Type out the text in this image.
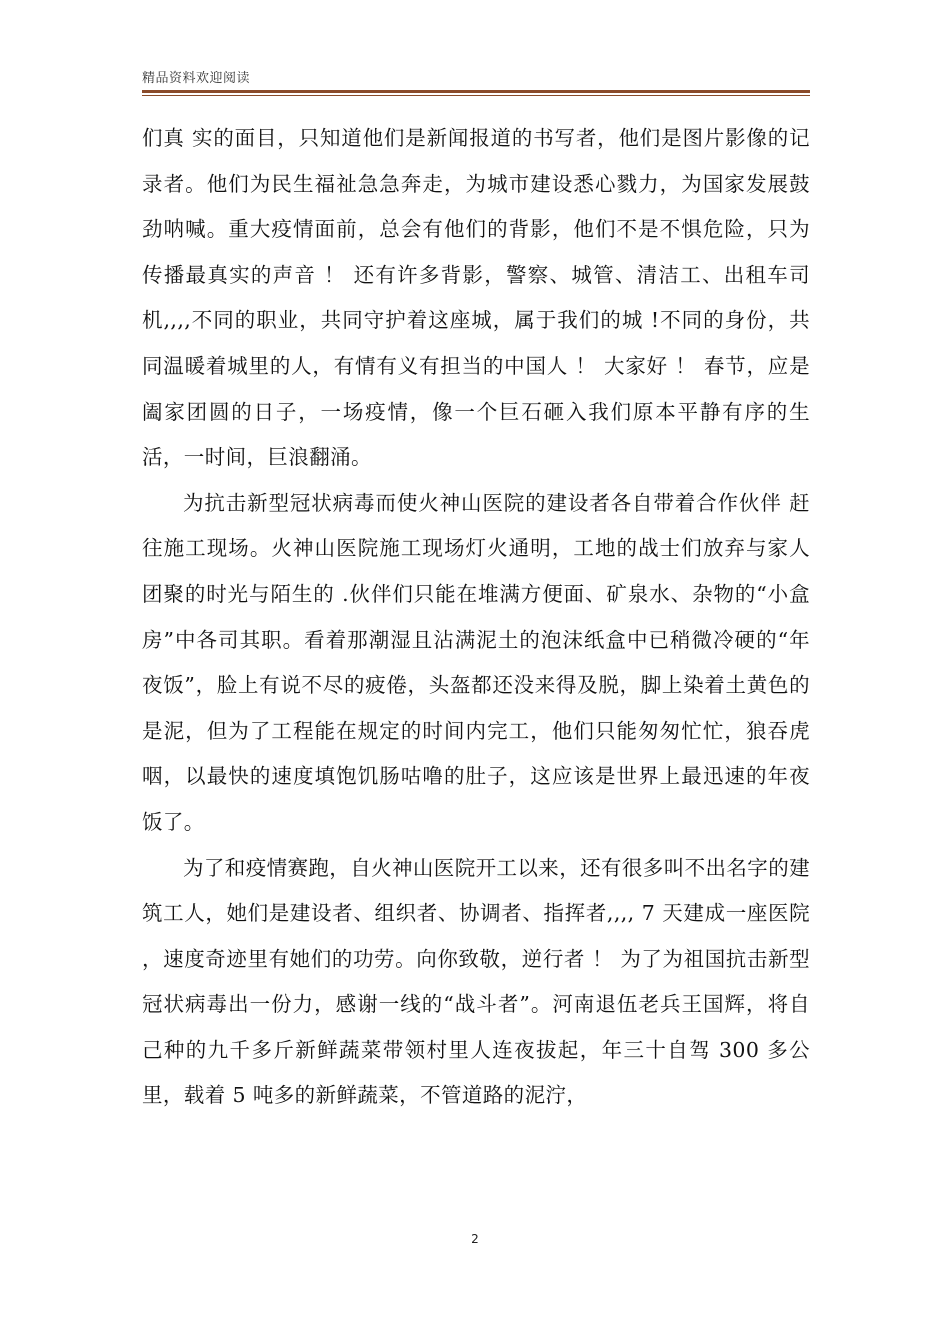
精品资料欢迎阅读

们真 实的面目，只知道他们是新闻报道的书写者，他们是图片影像的记录者。他们为民生福祉急急奔走，为城市建设悉心戮力，为国家发展鼓劲呐喊。重大疫情面前，总会有他们的背影，他们不是不惧危险，只为传播最真实的声音 ！ 还有许多背影，警察、城管、清洁工、出租车司机,,,,不同的职业，共同守护着这座城，属于我们的城 !不同的身份，共同温暖着城里的人，有情有义有担当的中国人 ！ 大家好 ！ 春节，应是阖家团圆的日子，一场疫情，像一个巨石砸入我们原本平静有序的生活，一时间，巨浪翻涌。

为抗击新型冠状病毒而使火神山医院的建设者各自带着合作伙伴 赶往施工现场。火神山医院施工现场灯火通明，工地的战士们放弃与家人团聚的时光与陌生的 .伙伴们只能在堆满方便面、矿泉水、杂物的“小盒房”中各司其职。看着那潮湿且沾满泥土的泡沫纸盒中已稍微冷硬的“年夜饭”，脸上有说不尽的疲倦，头盔都还没来得及脱，脚上染着土黄色的是泥，但为了工程能在规定的时间内完工，他们只能匆匆忙忙，狼吞虎咽，以最快的速度填饱饥肠咕噜的肚子，这应该是世界上最迅速的年夜饭了。

为了和疫情赛跑，自火神山医院开工以来，还有很多叫不出名字的建筑工人，她们是建设者、组织者、协调者、指挥者,,,, 7 天建成一座医院 ，速度奇迹里有她们的功劳。向你致敬，逆行者 ！ 为了为祖国抗击新型冠状病毒出一份力，感谢一线的“战斗者”。河南退伍老兵王国辉，将自己种的九千多斤新鲜蔬菜带领村里人连夜拔起，年三十自驾 300 多公里，载着 5 吨多的新鲜蔬菜，不管道路的泥泞，

2
